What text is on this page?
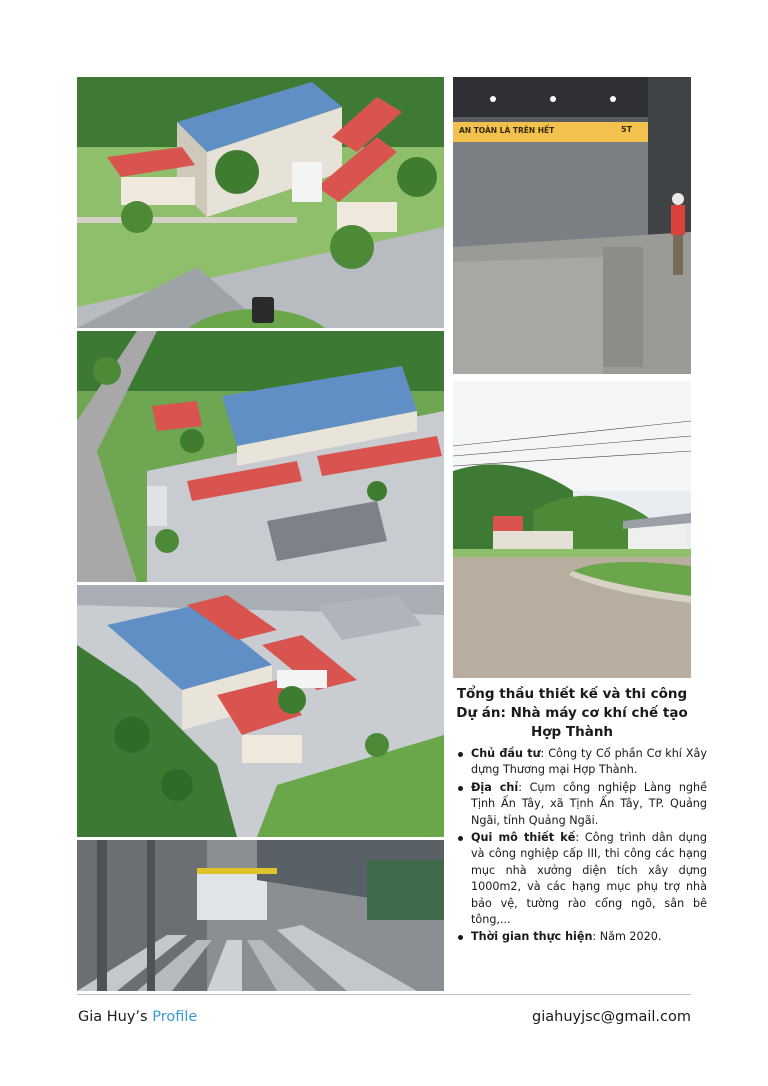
AN TOÀN LÀ TRÊN HẾT	5T
Tổng thầu thiết kế và thi công Dự án: Nhà máy cơ khí chế tạo Hợp Thành
Chủ đầu tư: Công ty Cổ phần Cơ khí Xây dựng Thương mại Hợp Thành.
Địa chỉ: Cụm công nghiệp Làng nghề Tịnh Ấn Tây, xã Tịnh Ấn Tây, TP. Quảng Ngãi, tỉnh Quảng Ngãi.
Qui mô thiết kế: Công trình dân dụng và công nghiệp cấp III, thi công các hạng mục nhà xưởng diện tích xây dựng 1000m2, và các hạng mục phụ trợ nhà bảo vệ, tường rào cổng ngõ, sân bê tông,...
Thời gian thực hiện: Năm 2020.
Gia Huy’s Profile	giahuyjsc@gmail.com
